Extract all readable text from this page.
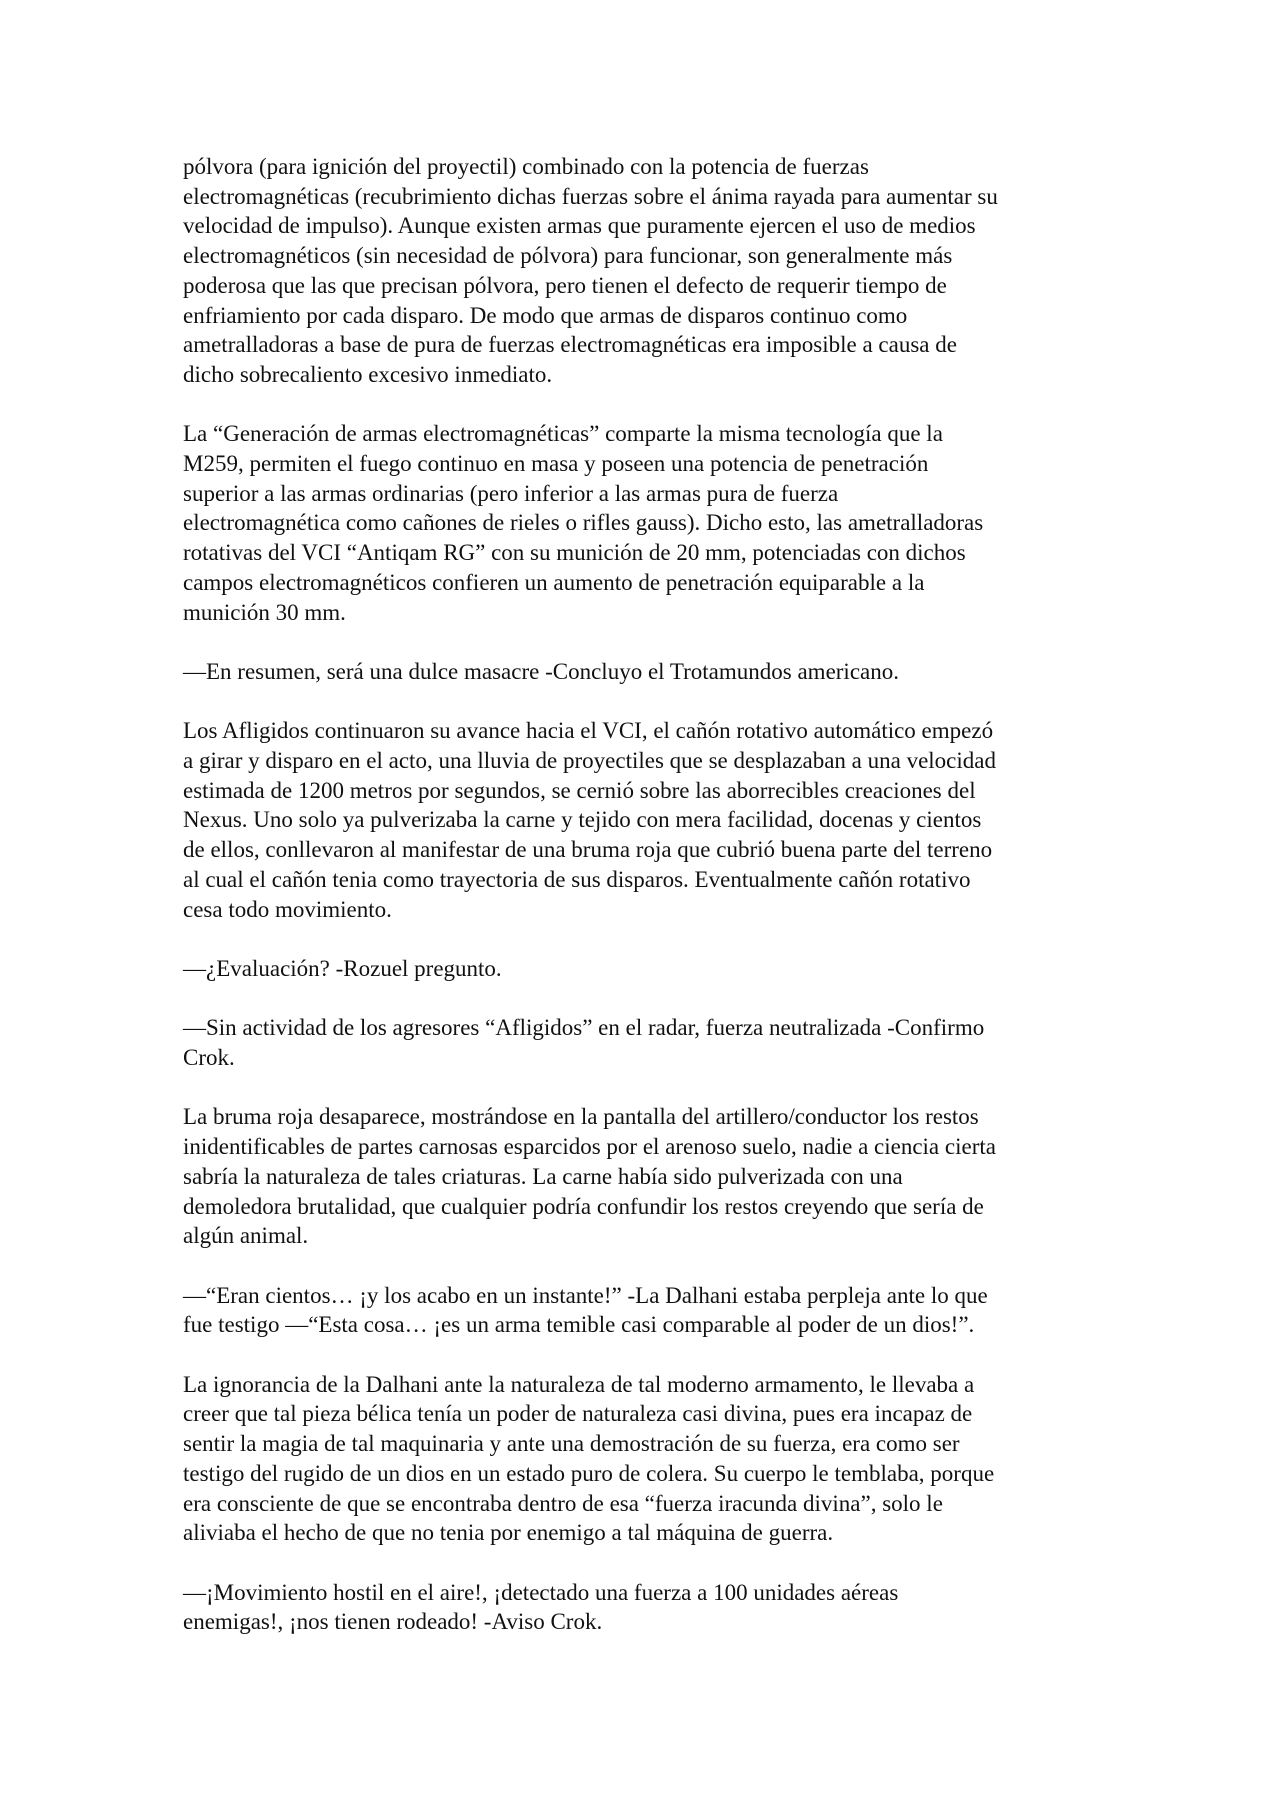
pólvora (para ignición del proyectil) combinado con la potencia de fuerzas
electromagnéticas (recubrimiento dichas fuerzas sobre el ánima rayada para aumentar su
velocidad de impulso). Aunque existen armas que puramente ejercen el uso de medios
electromagnéticos (sin necesidad de pólvora) para funcionar, son generalmente más
poderosa que las que precisan pólvora, pero tienen el defecto de requerir tiempo de
enfriamiento por cada disparo. De modo que armas de disparos continuo como
ametralladoras a base de pura de fuerzas electromagnéticas era imposible a causa de
dicho sobrecaliento excesivo inmediato.

La “Generación de armas electromagnéticas” comparte la misma tecnología que la
M259, permiten el fuego continuo en masa y poseen una potencia de penetración
superior a las armas ordinarias (pero inferior a las armas pura de fuerza
electromagnética como cañones de rieles o rifles gauss). Dicho esto, las ametralladoras
rotativas del VCI “Antiqam RG” con su munición de 20 mm, potenciadas con dichos
campos electromagnéticos confieren un aumento de penetración equiparable a la
munición 30 mm.

—En resumen, será una dulce masacre -Concluyo el Trotamundos americano.

Los Afligidos continuaron su avance hacia el VCI, el cañón rotativo automático empezó
a girar y disparo en el acto, una lluvia de proyectiles que se desplazaban a una velocidad
estimada de 1200 metros por segundos, se cernió sobre las aborrecibles creaciones del
Nexus. Uno solo ya pulverizaba la carne y tejido con mera facilidad, docenas y cientos
de ellos, conllevaron al manifestar de una bruma roja que cubrió buena parte del terreno
al cual el cañón tenia como trayectoria de sus disparos. Eventualmente cañón rotativo
cesa todo movimiento.

—¿Evaluación? -Rozuel pregunto.

—Sin actividad de los agresores “Afligidos” en el radar, fuerza neutralizada -Confirmo
Crok.

La bruma roja desaparece, mostrándose en la pantalla del artillero/conductor los restos
inidentificables de partes carnosas esparcidos por el arenoso suelo, nadie a ciencia cierta
sabría la naturaleza de tales criaturas. La carne había sido pulverizada con una
demoledora brutalidad, que cualquier podría confundir los restos creyendo que sería de
algún animal.

—“Eran cientos… ¡y los acabo en un instante!” -La Dalhani estaba perpleja ante lo que
fue testigo —“Esta cosa… ¡es un arma temible casi comparable al poder de un dios!”.

La ignorancia de la Dalhani ante la naturaleza de tal moderno armamento, le llevaba a
creer que tal pieza bélica tenía un poder de naturaleza casi divina, pues era incapaz de
sentir la magia de tal maquinaria y ante una demostración de su fuerza, era como ser
testigo del rugido de un dios en un estado puro de colera. Su cuerpo le temblaba, porque
era consciente de que se encontraba dentro de esa “fuerza iracunda divina”, solo le
aliviaba el hecho de que no tenia por enemigo a tal máquina de guerra.

—¡Movimiento hostil en el aire!, ¡detectado una fuerza a 100 unidades aéreas
enemigas!, ¡nos tienen rodeado! -Aviso Crok.
